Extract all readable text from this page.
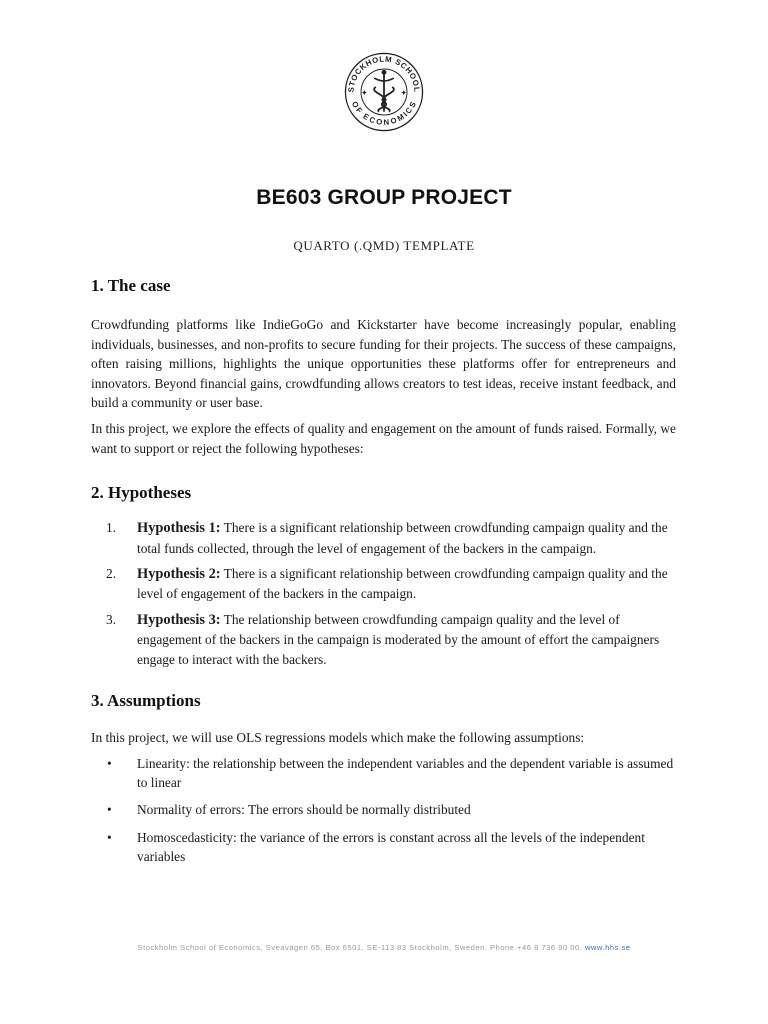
STOCKHOLM SCHOOL
OF ECONOMICS
✦	✦
BE603 GROUP PROJECT
QUARTO (.QMD) TEMPLATE
1. The case

Crowdfunding platforms like IndieGoGo and Kickstarter have become increasingly popular, enabling individuals, businesses, and non-profits to secure funding for their projects. The success of these campaigns, often raising millions, highlights the unique opportunities these platforms offer for entrepreneurs and innovators. Beyond financial gains, crowdfunding allows creators to test ideas, receive instant feedback, and build a community or user base.

In this project, we explore the effects of quality and engagement on the amount of funds raised. Formally, we want to support or reject the following hypotheses:

2. Hypotheses
1. Hypothesis 1: There is a significant relationship between crowdfunding campaign quality and the total funds collected, through the level of engagement of the backers in the campaign.
2. Hypothesis 2: There is a significant relationship between crowdfunding campaign quality and the level of engagement of the backers in the campaign.
3. Hypothesis 3: The relationship between crowdfunding campaign quality and the level of engagement of the backers in the campaign is moderated by the amount of effort the campaigners engage to interact with the backers.
3. Assumptions

In this project, we will use OLS regressions models which make the following assumptions:

• Linearity: the relationship between the independent variables and the dependent variable is assumed to linear
• Normality of errors: The errors should be normally distributed
• Homoscedasticity: the variance of the errors is constant across all the levels of the independent variables
Stockholm School of Economics, Sveavägen 65, Box 6501, SE-113 83 Stockholm, Sweden. Phone +46 8 736 90 00. www.hhs.se
